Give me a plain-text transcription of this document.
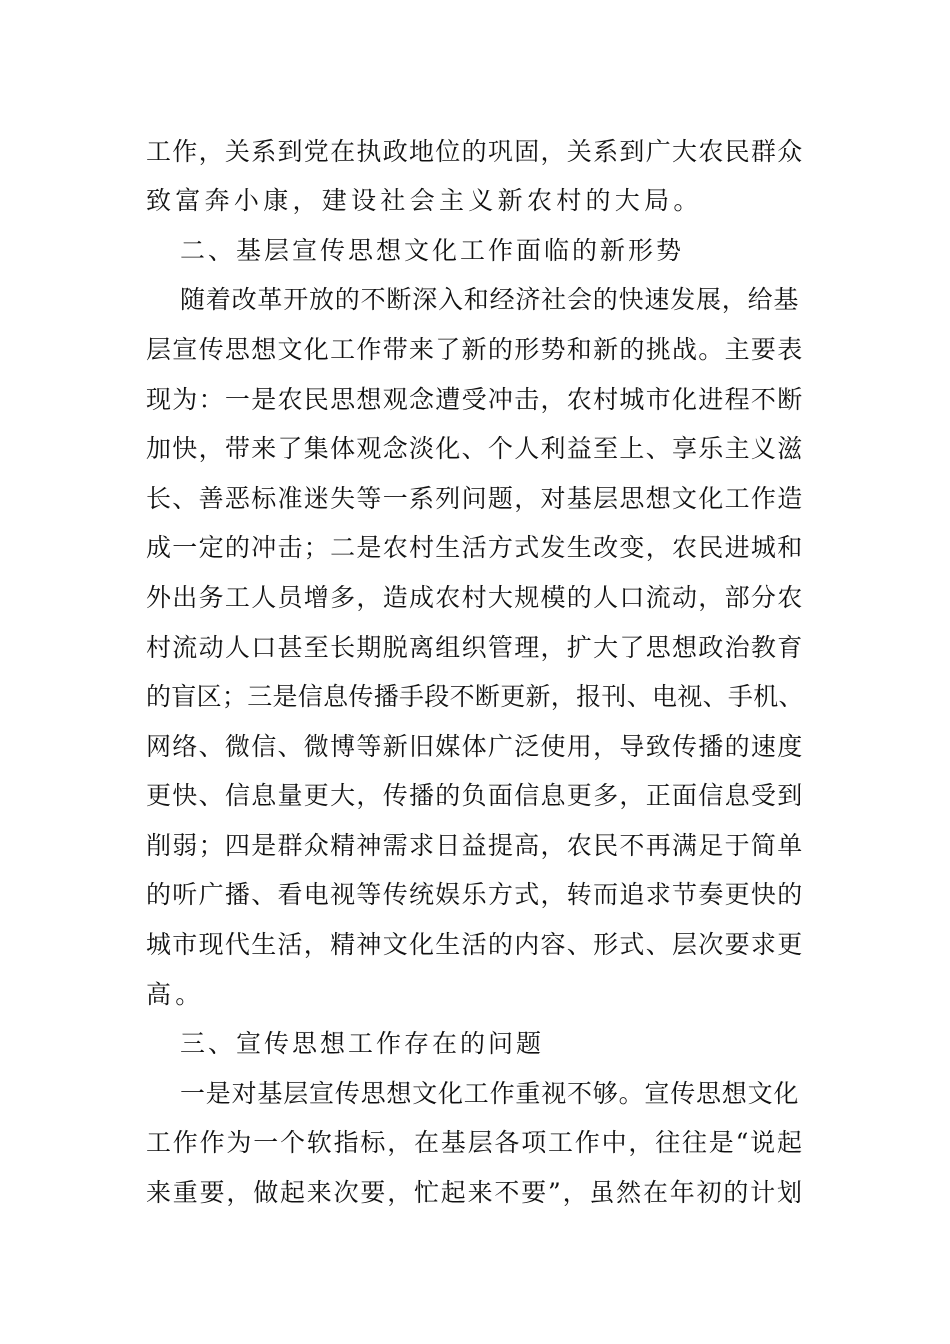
工作，关系到党在执政地位的巩固，关系到广大农民群众

致富奔小康，建设社会主义新农村的大局。

二、基层宣传思想文化工作面临的新形势

随着改革开放的不断深入和经济社会的快速发展，给基

层宣传思想文化工作带来了新的形势和新的挑战。主要表

现为：一是农民思想观念遭受冲击，农村城市化进程不断

加快，带来了集体观念淡化、个人利益至上、享乐主义滋

长、善恶标准迷失等一系列问题，对基层思想文化工作造

成一定的冲击；二是农村生活方式发生改变，农民进城和

外出务工人员增多，造成农村大规模的人口流动，部分农

村流动人口甚至长期脱离组织管理，扩大了思想政治教育

的盲区；三是信息传播手段不断更新，报刊、电视、手机、

网络、微信、微博等新旧媒体广泛使用，导致传播的速度

更快、信息量更大，传播的负面信息更多，正面信息受到

削弱；四是群众精神需求日益提高，农民不再满足于简单

的听广播、看电视等传统娱乐方式，转而追求节奏更快的

城市现代生活，精神文化生活的内容、形式、层次要求更

高。

三、宣传思想工作存在的问题

一是对基层宣传思想文化工作重视不够。宣传思想文化

工作作为一个软指标，在基层各项工作中，往往是“说起

来重要，做起来次要，忙起来不要”，虽然在年初的计划
